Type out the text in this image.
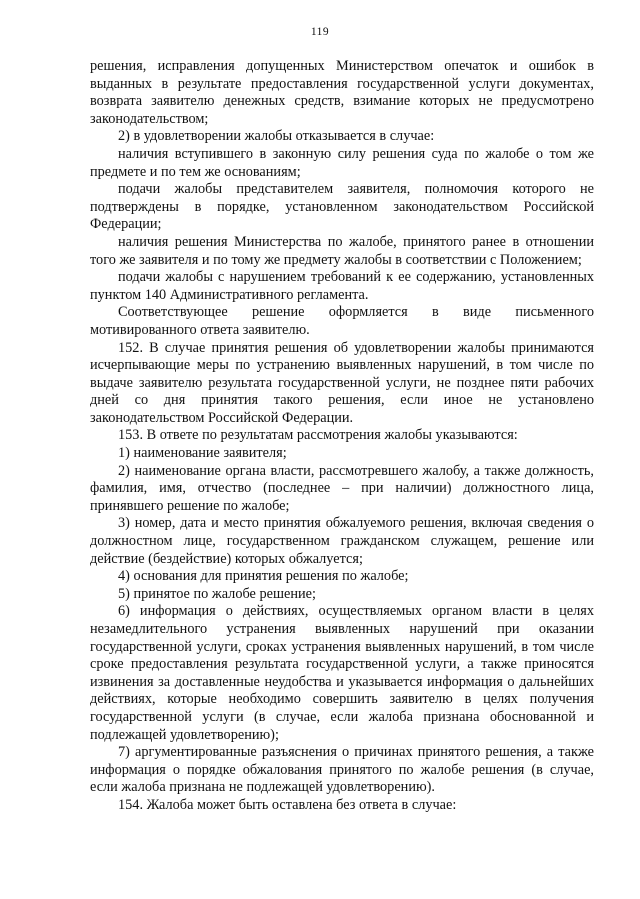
119

решения, исправления допущенных Министерством опечаток и ошибок в выданных в результате предоставления государственной услуги документах, возврата заявителю денежных средств, взимание которых не предусмотрено законодательством;

2) в удовлетворении жалобы отказывается в случае:

наличия вступившего в законную силу решения суда по жалобе о том же предмете и по тем же основаниям;

подачи жалобы представителем заявителя, полномочия которого не подтверждены в порядке, установленном законодательством Российской Федерации;

наличия решения Министерства по жалобе, принятого ранее в отношении того же заявителя и по тому же предмету жалобы в соответствии с Положением;

подачи жалобы с нарушением требований к ее содержанию, установленных пунктом 140 Административного регламента.

Соответствующее решение оформляется в виде письменного мотивированного ответа заявителю.

152. В случае принятия решения об удовлетворении жалобы принимаются исчерпывающие меры по устранению выявленных нарушений, в том числе по выдаче заявителю результата государственной услуги, не позднее пяти рабочих дней со дня принятия такого решения, если иное не установлено законодательством Российской Федерации.

153. В ответе по результатам рассмотрения жалобы указываются:

1) наименование заявителя;

2) наименование органа власти, рассмотревшего жалобу, а также должность, фамилия, имя, отчество (последнее – при наличии) должностного лица, принявшего решение по жалобе;

3) номер, дата и место принятия обжалуемого решения, включая сведения о должностном лице, государственном гражданском служащем, решение или действие (бездействие) которых обжалуется;

4) основания для принятия решения по жалобе;

5) принятое по жалобе решение;

6) информация о действиях, осуществляемых органом власти в целях незамедлительного устранения выявленных нарушений при оказании государственной услуги, сроках устранения выявленных нарушений, в том числе сроке предоставления результата государственной услуги, а также приносятся извинения за доставленные неудобства и указывается информация о дальнейших действиях, которые необходимо совершить заявителю в целях получения государственной услуги (в случае, если жалоба признана обоснованной и подлежащей удовлетворению);

7) аргументированные разъяснения о причинах принятого решения, а также информация о порядке обжалования принятого по жалобе решения (в случае, если жалоба признана не подлежащей удовлетворению).

154. Жалоба может быть оставлена без ответа в случае:
